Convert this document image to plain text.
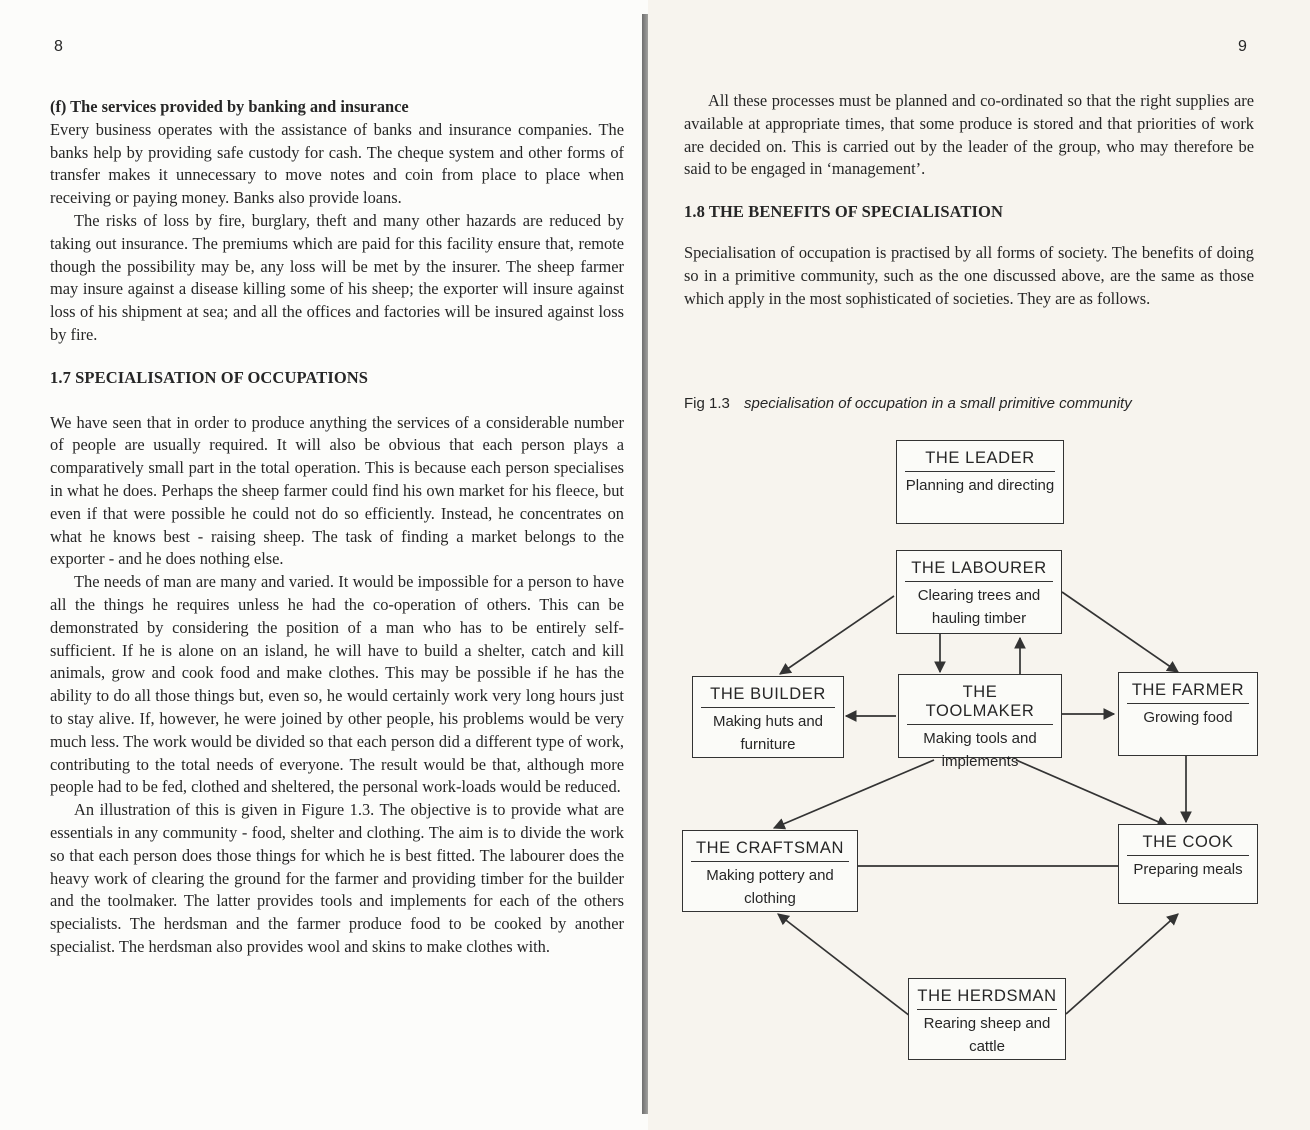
8

(f) The services provided by banking and insurance

Every business operates with the assistance of banks and insurance companies. The banks help by providing safe custody for cash. The cheque system and other forms of transfer makes it unnecessary to move notes and coin from place to place when receiving or paying money. Banks also provide loans.

The risks of loss by fire, burglary, theft and many other hazards are reduced by taking out insurance. The premiums which are paid for this facility ensure that, remote though the possibility may be, any loss will be met by the insurer. The sheep farmer may insure against a disease killing some of his sheep; the exporter will insure against loss of his shipment at sea; and all the offices and factories will be insured against loss by fire.

1.7 SPECIALISATION OF OCCUPATIONS

We have seen that in order to produce anything the services of a considerable number of people are usually required. It will also be obvious that each person plays a comparatively small part in the total operation. This is because each person specialises in what he does. Perhaps the sheep farmer could find his own market for his fleece, but even if that were possible he could not do so efficiently. Instead, he concentrates on what he knows best - raising sheep. The task of finding a market belongs to the exporter - and he does nothing else.

The needs of man are many and varied. It would be impossible for a person to have all the things he requires unless he had the co-operation of others. This can be demonstrated by considering the position of a man who has to be entirely self-sufficient. If he is alone on an island, he will have to build a shelter, catch and kill animals, grow and cook food and make clothes. This may be possible if he has the ability to do all those things but, even so, he would certainly work very long hours just to stay alive. If, however, he were joined by other people, his problems would be very much less. The work would be divided so that each person did a different type of work, contributing to the total needs of everyone. The result would be that, although more people had to be fed, clothed and sheltered, the personal work-loads would be reduced.

An illustration of this is given in Figure 1.3. The objective is to provide what are essentials in any community - food, shelter and clothing. The aim is to divide the work so that each person does those things for which he is best fitted. The labourer does the heavy work of clearing the ground for the farmer and providing timber for the builder and the toolmaker. The latter provides tools and implements for each of the others specialists. The herdsman and the farmer produce food to be cooked by another specialist. The herdsman also provides wool and skins to make clothes with.

9

All these processes must be planned and co-ordinated so that the right supplies are available at appropriate times, that some produce is stored and that priorities of work are decided on. This is carried out by the leader of the group, who may therefore be said to be engaged in ‘management’.

1.8 THE BENEFITS OF SPECIALISATION

Specialisation of occupation is practised by all forms of society. The benefits of doing so in a primitive community, such as the one discussed above, are the same as those which apply in the most sophisticated of societies. They are as follows.

Fig 1.3 specialisation of occupation in a small primitive community
THE LEADER
Planning and directing
THE LABOURER
Clearing trees and hauling timber
THE BUILDER
Making huts and furniture
THE TOOLMAKER
Making tools and implements
THE FARMER
Growing food
THE CRAFTSMAN
Making pottery and clothing
THE COOK
Preparing meals
THE HERDSMAN
Rearing sheep and cattle
